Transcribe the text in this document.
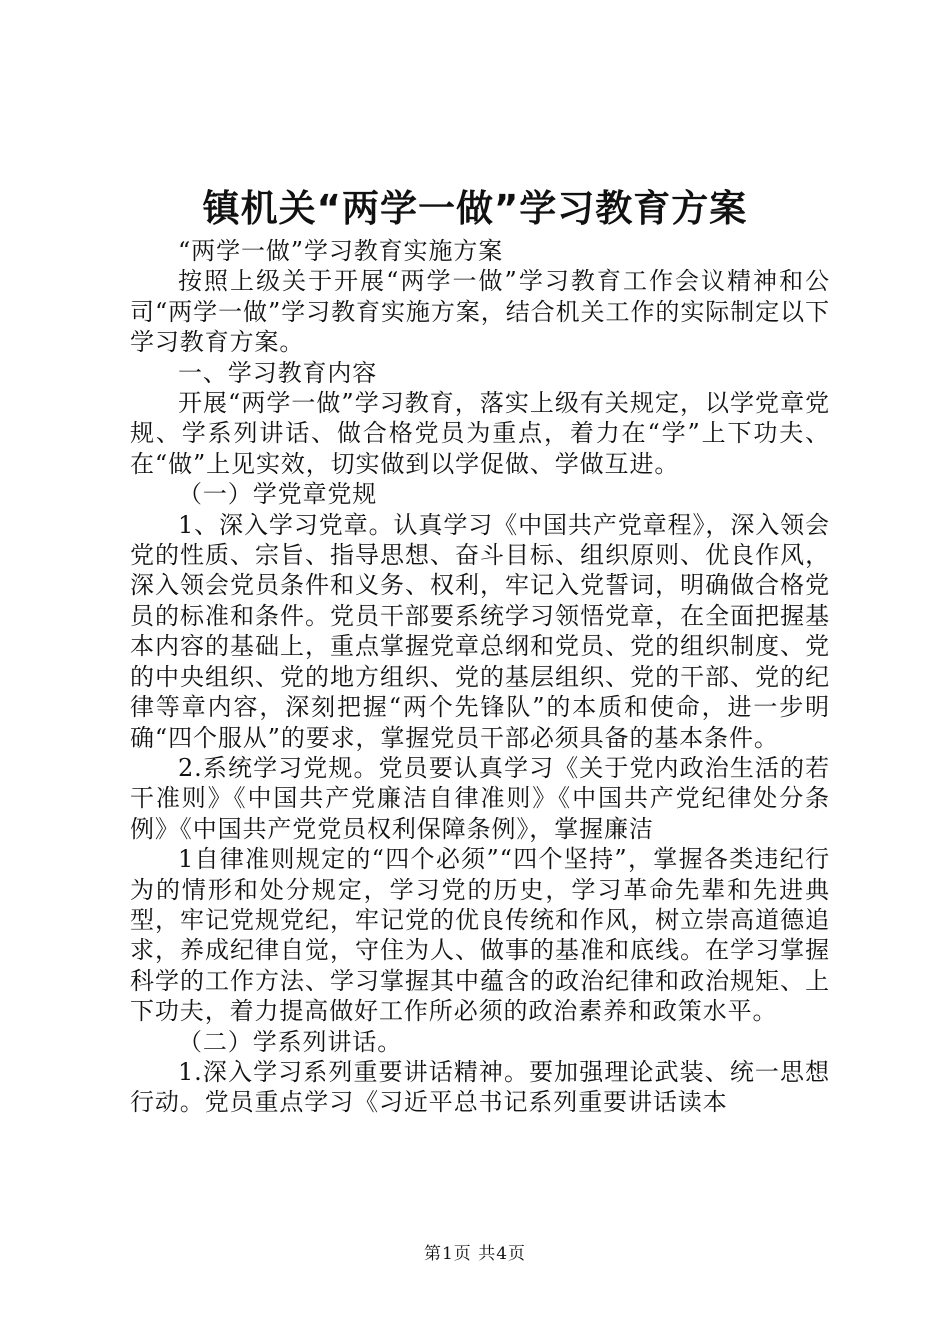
镇机关“两学一做”学习教育方案

“两学一做”学习教育实施方案

按照上级关于开展“两学一做”学习教育工作会议精神和公司“两学一做”学习教育实施方案，结合机关工作的实际制定以下学习教育方案。

一、学习教育内容

开展“两学一做”学习教育，落实上级有关规定，以学党章党规、学系列讲话、做合格党员为重点，着力在“学”上下功夫、在“做”上见实效，切实做到以学促做、学做互进。

（一）学党章党规

1、深入学习党章。认真学习《中国共产党章程》，深入领会党的性质、宗旨、指导思想、奋斗目标、组织原则、优良作风，深入领会党员条件和义务、权利，牢记入党誓词，明确做合格党员的标准和条件。党员干部要系统学习领悟党章，在全面把握基本内容的基础上，重点掌握党章总纲和党员、党的组织制度、党的中央组织、党的地方组织、党的基层组织、党的干部、党的纪律等章内容，深刻把握“两个先锋队”的本质和使命，进一步明确“四个服从”的要求，掌握党员干部必须具备的基本条件。

2.系统学习党规。党员要认真学习《关于党内政治生活的若干准则》《中国共产党廉洁自律准则》《中国共产党纪律处分条例》《中国共产党党员权利保障条例》，掌握廉洁

1自律准则规定的“四个必须”“四个坚持”，掌握各类违纪行为的情形和处分规定，学习党的历史，学习革命先辈和先进典型，牢记党规党纪，牢记党的优良传统和作风，树立崇高道德追求，养成纪律自觉，守住为人、做事的基准和底线。在学习掌握科学的工作方法、学习掌握其中蕴含的政治纪律和政治规矩、上下功夫，着力提高做好工作所必须的政治素养和政策水平。

（二）学系列讲话。

1.深入学习系列重要讲话精神。要加强理论武装、统一思想行动。党员重点学习《习近平总书记系列重要讲话读本

第1页 共4页
